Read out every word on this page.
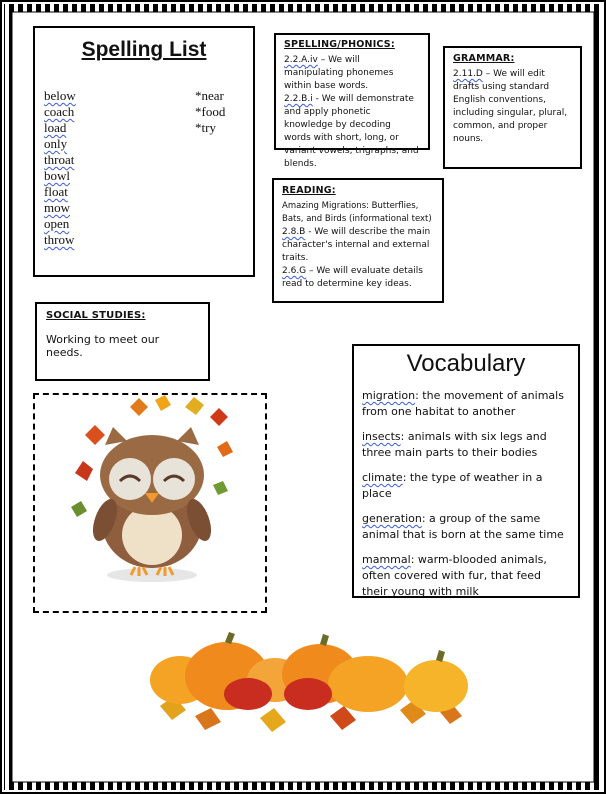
Spelling List
below
coach
load
only
throat
bowl
float
mow
open
throw
*near
*food
*try
SPELLING/PHONICS:
2.2.A.iv – We will manipulating phonemes within base words.
2.2.B.i - We will demonstrate and apply phonetic knowledge by decoding words with short, long, or variant vowels, trigraphs, and blends.
GRAMMAR:
2.11.D – We will edit drafts using standard English conventions, including singular, plural, common, and proper nouns.
READING:
Amazing Migrations: Butterflies, Bats, and Birds (informational text)
2.8.B - We will describe the main character's internal and external traits.
2.6.G – We will evaluate details read to determine key ideas.
SOCIAL STUDIES:
Working to meet our needs.	Vocabulary
migration: the movement of animals from one habitat to another
insects: animals with six legs and three main parts to their bodies
climate: the type of weather in a place
generation: a group of the same animal that is born at the same time
mammal: warm-blooded animals, often covered with fur, that feed their young with milk
